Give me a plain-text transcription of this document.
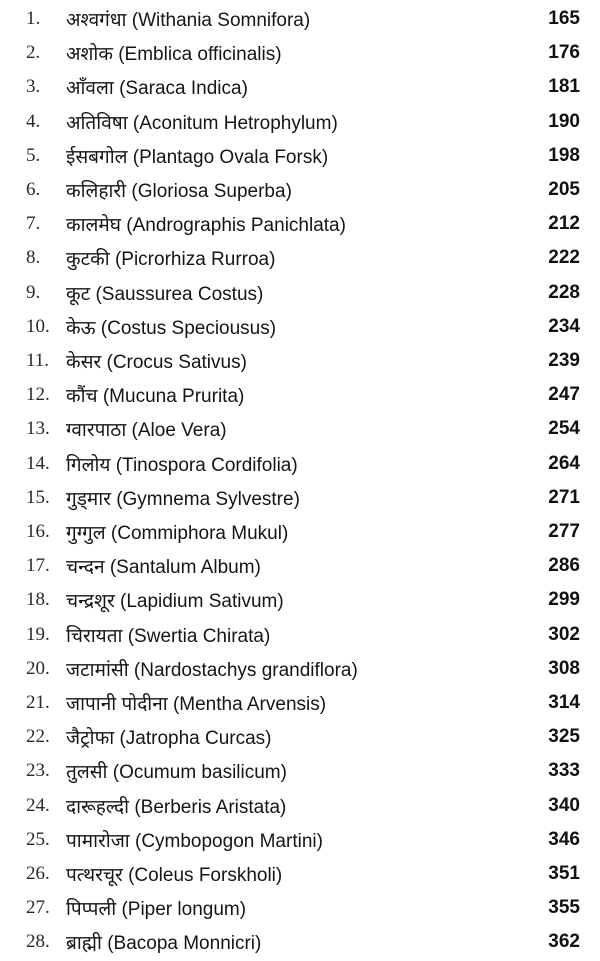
1.	अश्वगंधा (Withania Somnifora)	165
2.	अशोक (Emblica officinalis)	176
3.	आँवला (Saraca Indica)	181
4.	अतिविषा (Aconitum Hetrophylum)	190
5.	ईसबगोल (Plantago Ovala Forsk)	198
6.	कलिहारी (Gloriosa Superba)	205
7.	कालमेघ (Andrographis Panichlata)	212
8.	कुटकी (Picrorhiza Rurroa)	222
9.	कूट (Saussurea Costus)	228
10. केऊ (Costus Speciousus)	234
11. केसर (Crocus Sativus)	239
12. कौंच (Mucuna Prurita)	247
13. ग्वारपाठा (Aloe Vera)	254
14. गिलोय (Tinospora Cordifolia)	264
15. गुड्मार (Gymnema Sylvestre)	271
16. गुग्गुल (Commiphora Mukul)	277
17. चन्दन (Santalum Album)	286
18. चन्द्रशूर (Lapidium Sativum)	299
19. चिरायता (Swertia Chirata)	302
20. जटामांसी (Nardostachys grandiflora)	308
21. जापानी पोदीना (Mentha Arvensis)	314
22. जैट्रोफा (Jatropha Curcas)	325
23. तुलसी (Ocumum basilicum)	333
24. दारूहल्दी (Berberis Aristata)	340
25. पामारोजा (Cymbopogon Martini)	346
26. पत्थरचूर (Coleus Forskholi)	351
27. पिप्पली (Piper longum)	355
28. ब्राह्मी (Bacopa Monnicri)	362
